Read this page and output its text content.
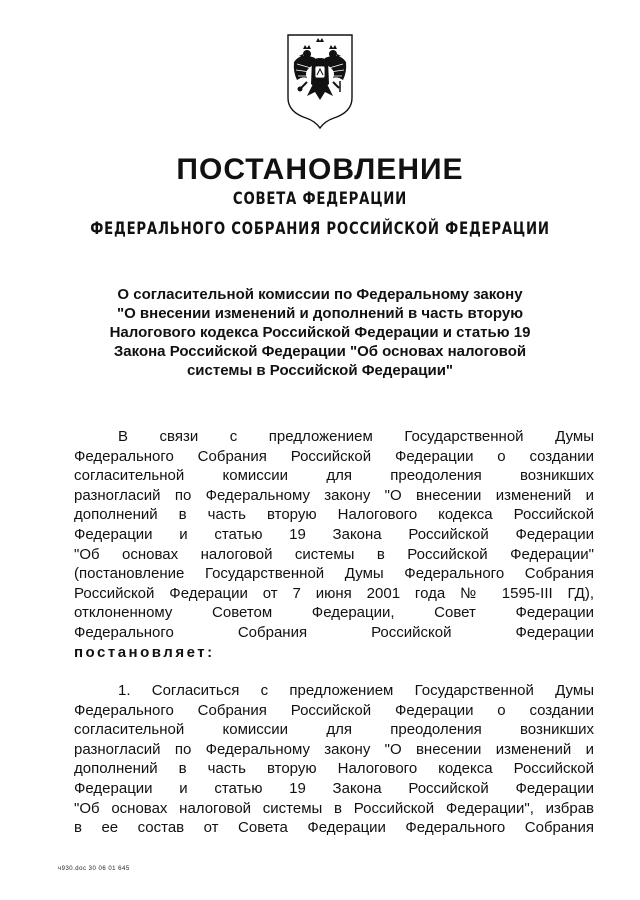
ПОСТАНОВЛЕНИЕ
СОВЕТА ФЕДЕРАЦИИ
ФЕДЕРАЛЬНОГО СОБРАНИЯ РОССИЙСКОЙ ФЕДЕРАЦИИ
О согласительной комиссии по Федеральному закону
"О внесении изменений и дополнений в часть вторую
Налогового кодекса Российской Федерации и статью 19
Закона Российской Федерации "Об основах налоговой
системы в Российской Федерации"
В связи с предложением Государственной Думы
Федерального Собрания Российской Федерации о создании
согласительной комиссии для преодоления возникших
разногласий по Федеральному закону "О внесении изменений и
дополнений в часть вторую Налогового кодекса Российской
Федерации и статью 19 Закона Российской Федерации
"Об основах налоговой системы в Российской Федерации"
(постановление Государственной Думы Федерального Собрания
Российской Федерации от 7 июня 2001 года № 1595-III ГД),
отклоненному Советом Федерации, Совет Федерации
Федерального Собрания Российской Федерации
постановляет:
1. Согласиться с предложением Государственной Думы
Федерального Собрания Российской Федерации о создании
согласительной комиссии для преодоления возникших
разногласий по Федеральному закону "О внесении изменений и
дополнений в часть вторую Налогового кодекса Российской
Федерации и статью 19 Закона Российской Федерации
"Об основах налоговой системы в Российской Федерации", избрав
в ее состав от Совета Федерации Федерального Собрания
ч930.doc 30 06 01 645
